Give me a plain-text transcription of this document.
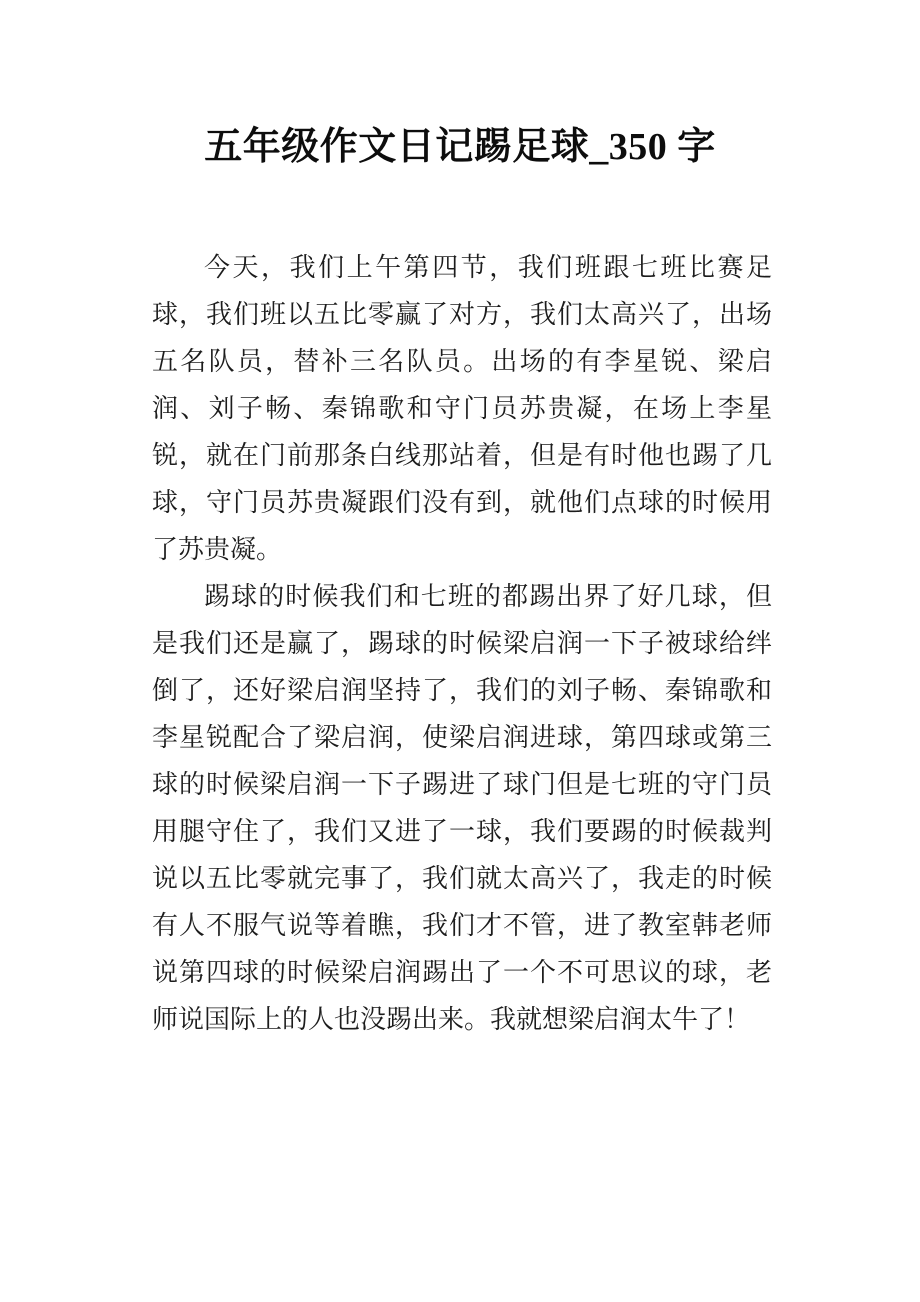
五年级作文日记踢足球_350 字

今天，我们上午第四节，我们班跟七班比赛足球，我们班以五比零赢了对方，我们太高兴了，出场五名队员，替补三名队员。出场的有李星锐、梁启润、刘子畅、秦锦歌和守门员苏贵凝，在场上李星锐，就在门前那条白线那站着，但是有时他也踢了几球，守门员苏贵凝跟们没有到，就他们点球的时候用了苏贵凝。

踢球的时候我们和七班的都踢出界了好几球，但是我们还是赢了，踢球的时候梁启润一下子被球给绊倒了，还好梁启润坚持了，我们的刘子畅、秦锦歌和李星锐配合了梁启润，使梁启润进球，第四球或第三球的时候梁启润一下子踢进了球门但是七班的守门员用腿守住了，我们又进了一球，我们要踢的时候裁判说以五比零就完事了，我们就太高兴了，我走的时候有人不服气说等着瞧，我们才不管，进了教室韩老师说第四球的时候梁启润踢出了一个不可思议的球，老师说国际上的人也没踢出来。我就想梁启润太牛了！
